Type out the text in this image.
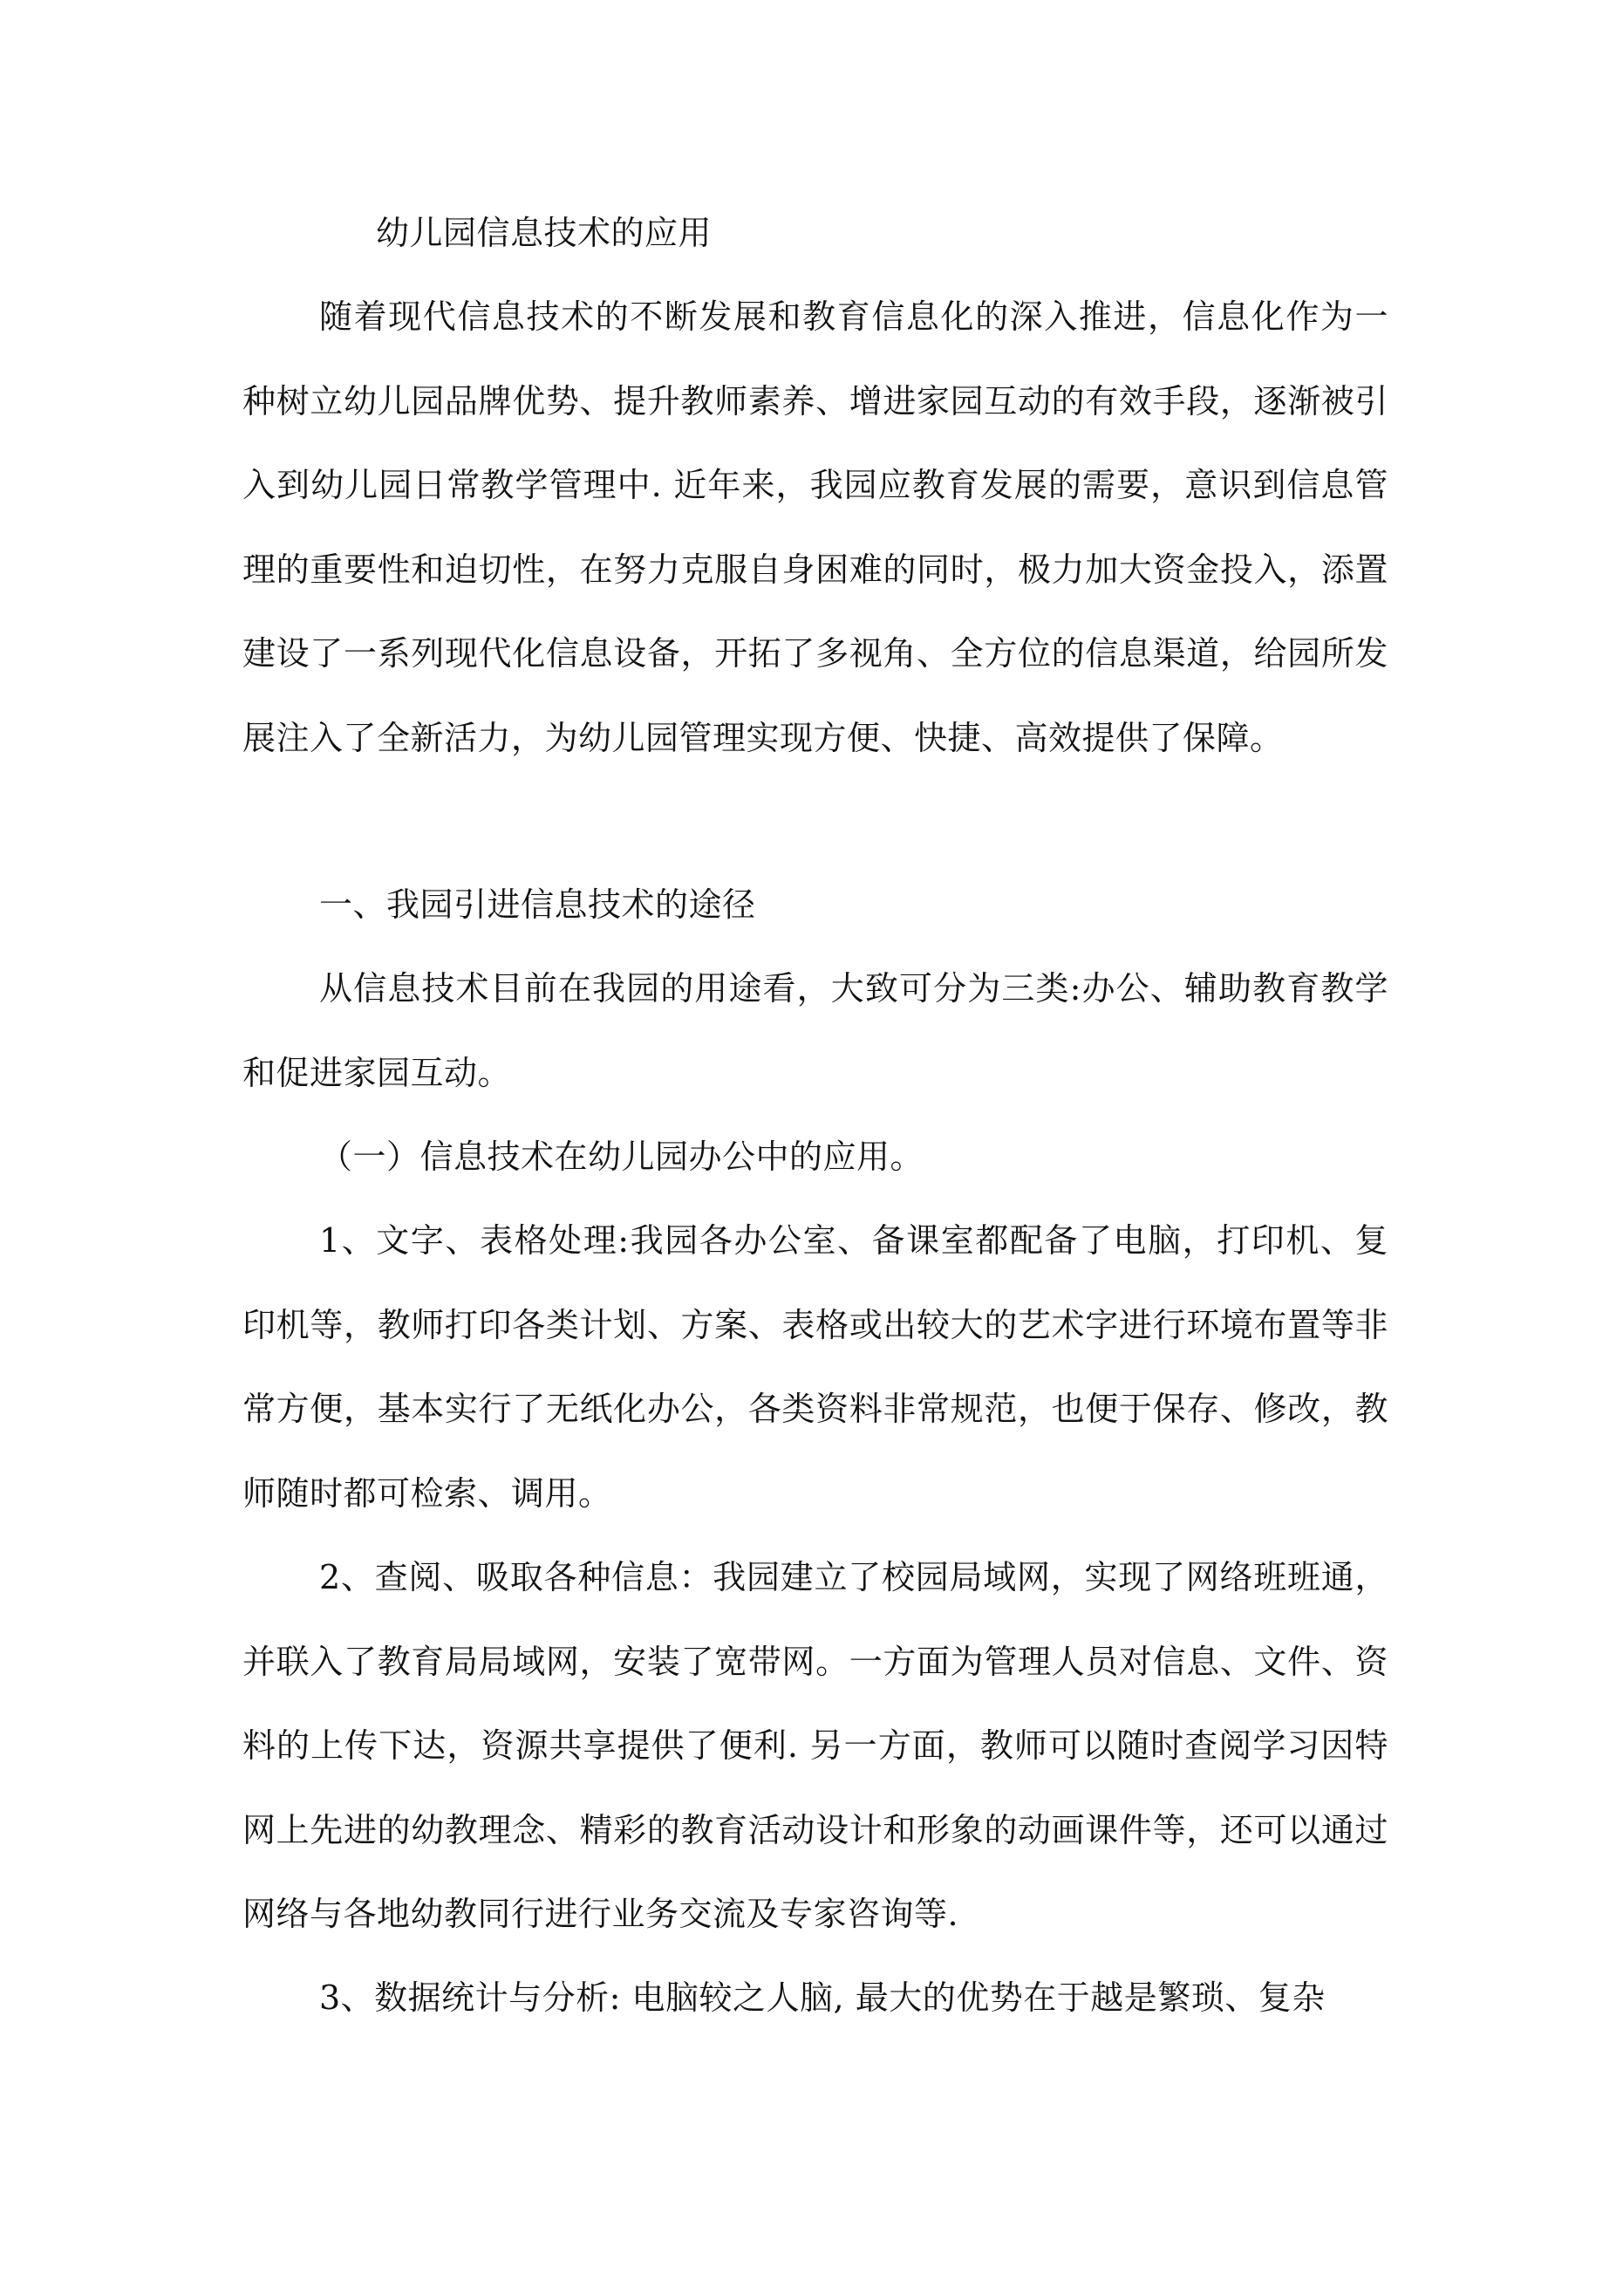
幼儿园信息技术的应用

随着现代信息技术的不断发展和教育信息化的深入推进，信息化作为一种树立幼儿园品牌优势、提升教师素养、增进家园互动的有效手段，逐渐被引入到幼儿园日常教学管理中. 近年来，我园应教育发展的需要，意识到信息管理的重要性和迫切性，在努力克服自身困难的同时，极力加大资金投入，添置建设了一系列现代化信息设备，开拓了多视角、全方位的信息渠道，给园所发展注入了全新活力，为幼儿园管理实现方便、快捷、高效提供了保障。

一、我园引进信息技术的途径

从信息技术目前在我园的用途看，大致可分为三类:办公、辅助教育教学和促进家园互动。

（一）信息技术在幼儿园办公中的应用。

1、文字、表格处理:我园各办公室、备课室都配备了电脑，打印机、复印机等，教师打印各类计划、方案、表格或出较大的艺术字进行环境布置等非常方便，基本实行了无纸化办公，各类资料非常规范，也便于保存、修改，教师随时都可检索、调用。

2、查阅、吸取各种信息：我园建立了校园局域网，实现了网络班班通，并联入了教育局局域网，安装了宽带网。一方面为管理人员对信息、文件、资料的上传下达，资源共享提供了便利. 另一方面，教师可以随时查阅学习因特网上先进的幼教理念、精彩的教育活动设计和形象的动画课件等，还可以通过网络与各地幼教同行进行业务交流及专家咨询等.

3、数据统计与分析: 电脑较之人脑, 最大的优势在于越是繁琐、复杂
